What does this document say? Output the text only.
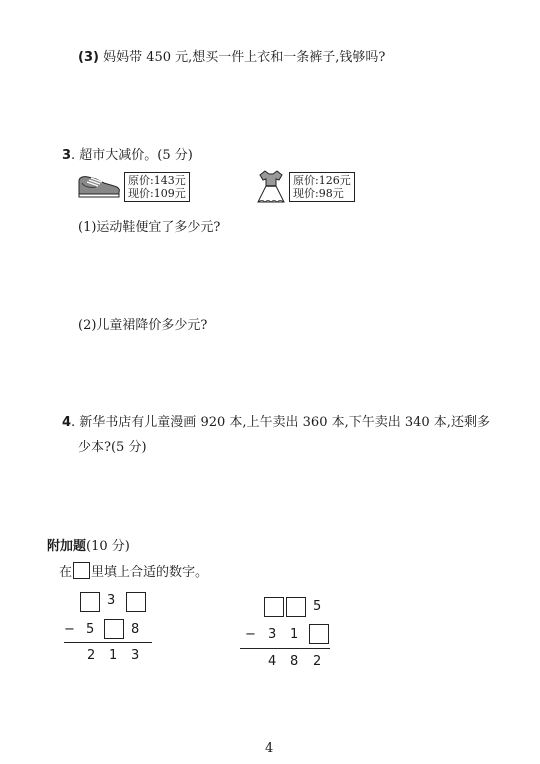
(3) 妈妈带 450 元,想买一件上衣和一条裤子,钱够吗?
3. 超市大减价。(5 分)
原价:143元
现价:109元
原价:126元
现价:98元
(1)运动鞋便宜了多少元?
(2)儿童裙降价多少元?
4. 新华书店有儿童漫画 920 本,上午卖出 360 本,下午卖出 340 本,还剩多
少本?(5 分)
附加题(10 分)
在 里填上合适的数字。
3
− 5	8
2 1 3
5
− 3 1
4 8 2
4
